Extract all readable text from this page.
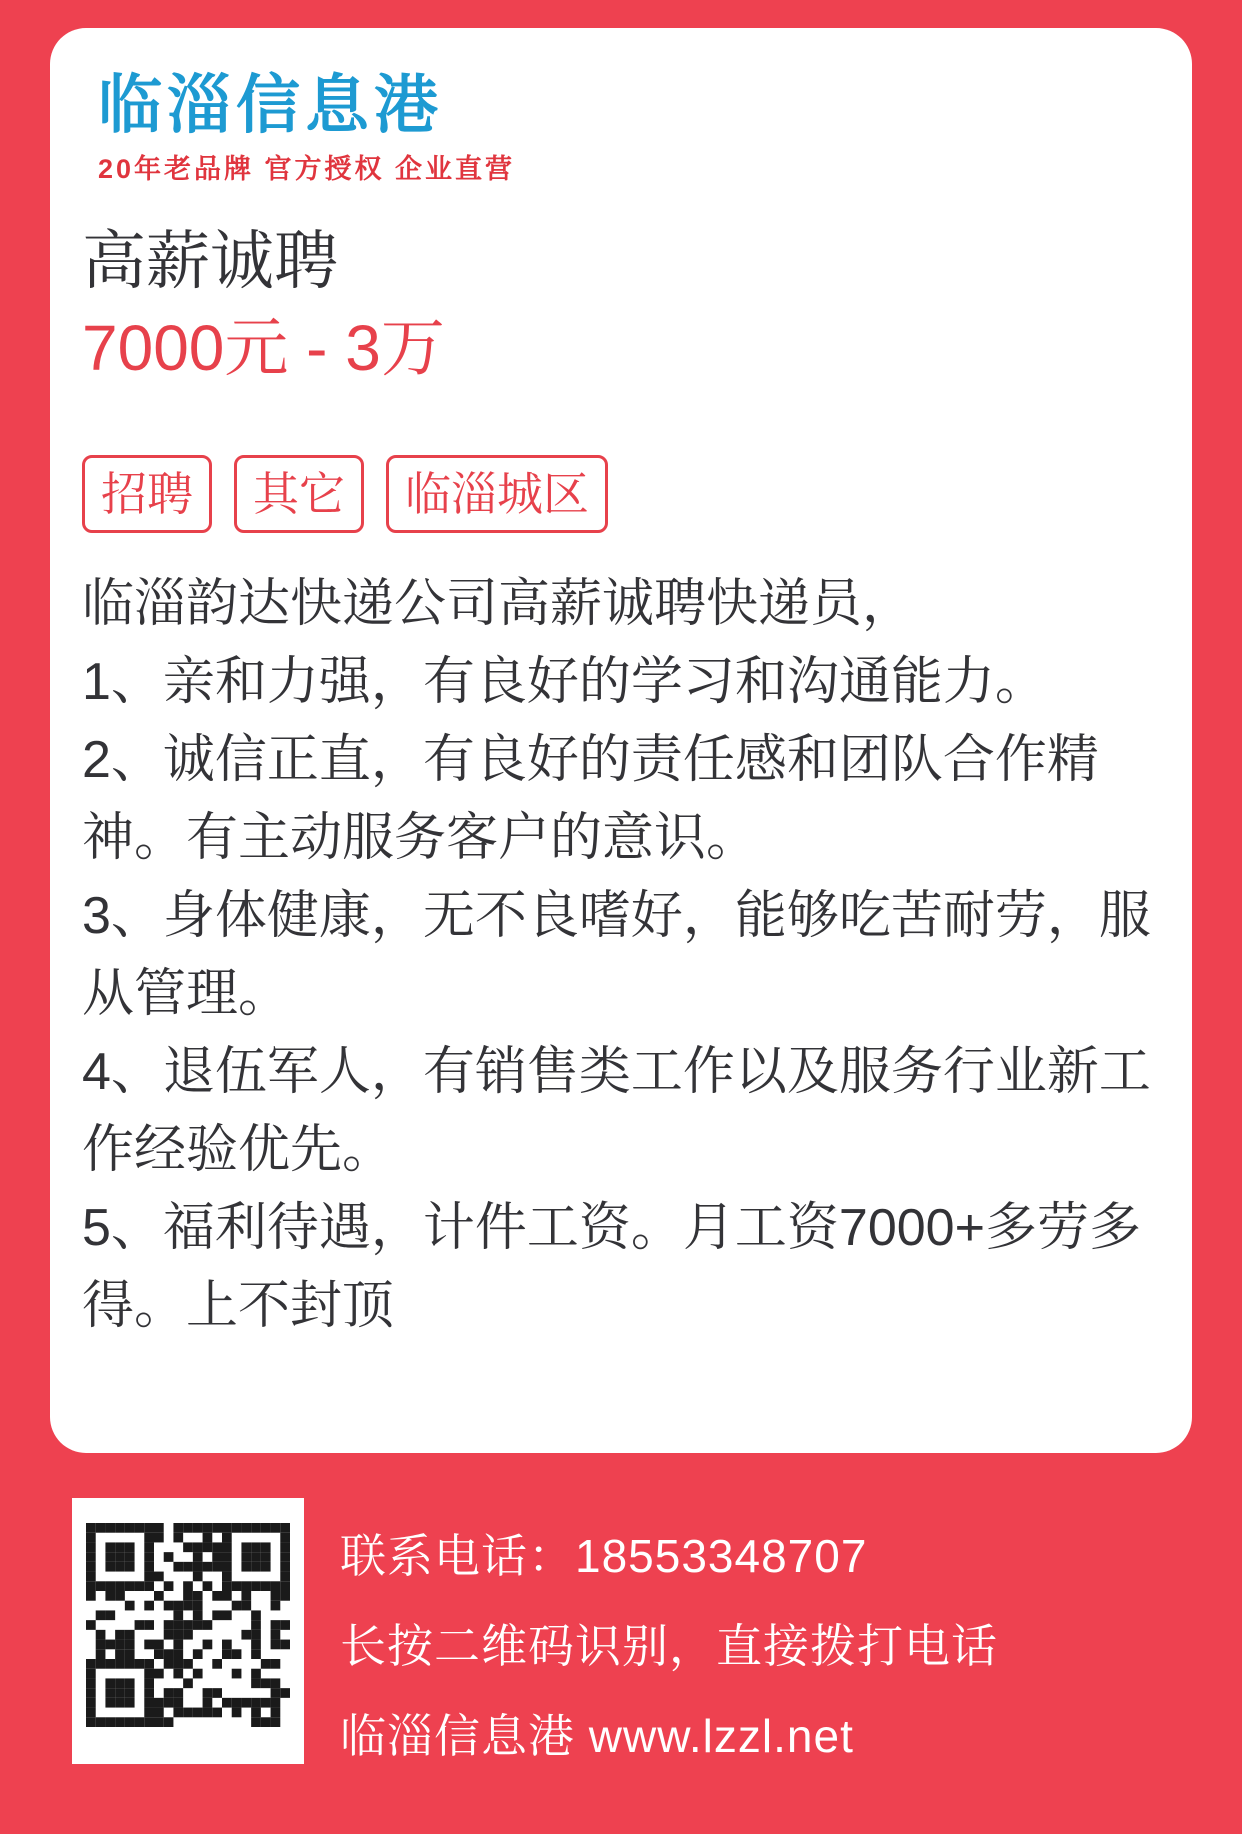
临淄信息港
20年老品牌 官方授权 企业直营
高薪诚聘
7000元 - 3万
招聘	其它	临淄城区

临淄韵达快递公司高薪诚聘快递员，

1、亲和力强，有良好的学习和沟通能力。

2、诚信正直，有良好的责任感和团队合作精神。有主动服务客户的意识。

3、身体健康，无不良嗜好，能够吃苦耐劳，服从管理。

4、退伍军人，有销售类工作以及服务行业新工作经验优先。

5、福利待遇，计件工资。月工资7000+多劳多得。上不封顶

联系电话：18553348707
长按二维码识别，直接拨打电话
临淄信息港 www.lzzl.net
